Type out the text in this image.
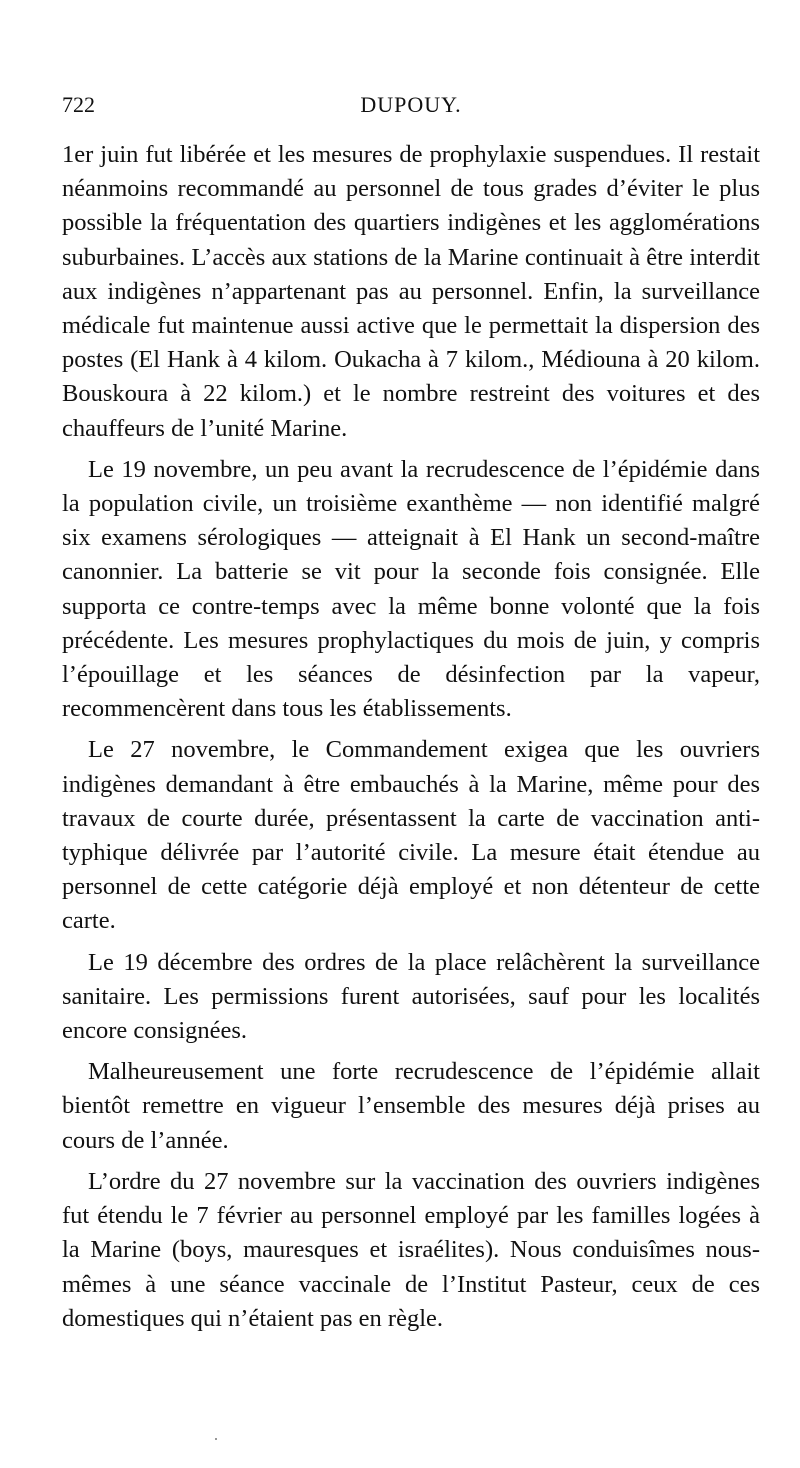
722	DUPOUY.

1er juin fut libérée et les mesures de prophylaxie suspendues. Il restait néanmoins recommandé au personnel de tous grades d’éviter le plus possible la fréquentation des quartiers indigènes et les agglomérations suburbaines. L’accès aux stations de la Marine continuait à être interdit aux indigènes n’appartenant pas au personnel. Enfin, la surveillance médicale fut maintenue aussi active que le permettait la dispersion des postes (El Hank à 4 kilom. Oukacha à 7 kilom., Médiouna à 20 kilom. Bouskoura à 22 kilom.) et le nombre restreint des voitures et des chauffeurs de l’unité Marine.

Le 19 novembre, un peu avant la recrudescence de l’épidémie dans la population civile, un troisième exanthème — non identifié malgré six examens sérologiques — atteignait à El Hank un second-maître canonnier. La batterie se vit pour la seconde fois consignée. Elle supporta ce contre-temps avec la même bonne volonté que la fois précédente. Les mesures prophylactiques du mois de juin, y compris l’épouillage et les séances de désinfection par la vapeur, recommencèrent dans tous les établissements.

Le 27 novembre, le Commandement exigea que les ouvriers indigènes demandant à être embauchés à la Marine, même pour des travaux de courte durée, présentassent la carte de vaccination anti-typhique délivrée par l’autorité civile. La mesure était étendue au personnel de cette catégorie déjà employé et non détenteur de cette carte.

Le 19 décembre des ordres de la place relâchèrent la surveillance sanitaire. Les permissions furent autorisées, sauf pour les localités encore consignées.

Malheureusement une forte recrudescence de l’épidémie allait bientôt remettre en vigueur l’ensemble des mesures déjà prises au cours de l’année.

L’ordre du 27 novembre sur la vaccination des ouvriers indigènes fut étendu le 7 février au personnel employé par les familles logées à la Marine (boys, mauresques et israélites). Nous conduisîmes nous-mêmes à une séance vaccinale de l’Institut Pasteur, ceux de ces domestiques qui n’étaient pas en règle.
